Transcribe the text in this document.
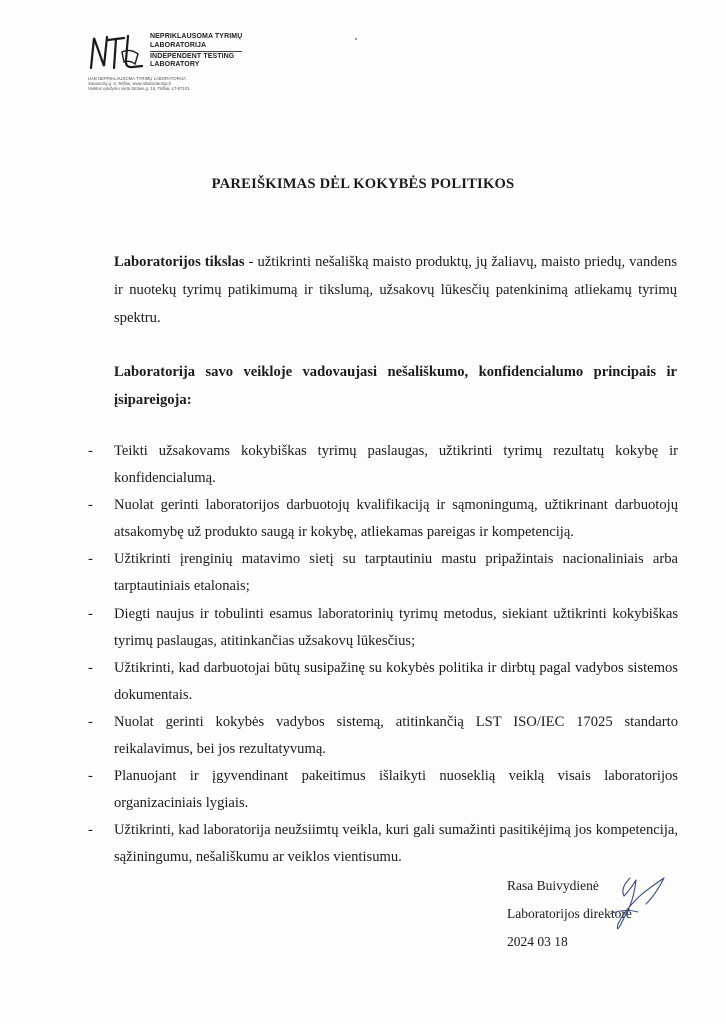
NEPRIKLAUSOMA TYRIMŲ
LABORATORIJA
INDEPENDENT TESTING
LABORATORY
UAB NEPRIKLAUSOMA TYRIMŲ LABORATORIJA
Savanorių g. 4, Telšiai, www.ntlaboratorija.lt
Veiklos vykdymo vieta Stoties g. 15, Telšiai, LT-87101
PAREIŠKIMAS DĖL KOKYBĖS POLITIKOS
Laboratorijos tikslas - užtikrinti nešališką maisto produktų, jų žaliavų, maisto priedų, vandens ir nuotekų tyrimų patikimumą ir tikslumą, užsakovų lūkesčių patenkinimą atliekamų tyrimų spektru.
Laboratorija savo veikloje vadovaujasi nešališkumo, konfidencialumo principais ir įsipareigoja:
- Teikti užsakovams kokybiškas tyrimų paslaugas, užtikrinti tyrimų rezultatų kokybę ir konfidencialumą.
- Nuolat gerinti laboratorijos darbuotojų kvalifikaciją ir sąmoningumą, užtikrinant darbuotojų atsakomybę už produkto saugą ir kokybę, atliekamas pareigas ir kompetenciją.
- Užtikrinti įrenginių matavimo sietį su tarptautiniu mastu pripažintais nacionaliniais arba tarptautiniais etalonais;
- Diegti naujus ir tobulinti esamus laboratorinių tyrimų metodus, siekiant užtikrinti kokybiškas tyrimų paslaugas, atitinkančias užsakovų lūkesčius;
- Užtikrinti, kad darbuotojai būtų susipažinę su kokybės politika ir dirbtų pagal vadybos sistemos dokumentais.
- Nuolat gerinti kokybės vadybos sistemą, atitinkančią LST ISO/IEC 17025 standarto reikalavimus, bei jos rezultatyvumą.
- Planuojant ir įgyvendinant pakeitimus išlaikyti nuoseklią veiklą visais laboratorijos organizaciniais lygiais.
- Užtikrinti, kad laboratorija neužsiimtų veikla, kuri gali sumažinti pasitikėjimą jos kompetencija, sąžiningumu, nešališkumu ar veiklos vientisumu.
Rasa Buivydienė
Laboratorijos direktorė
2024 03 18
